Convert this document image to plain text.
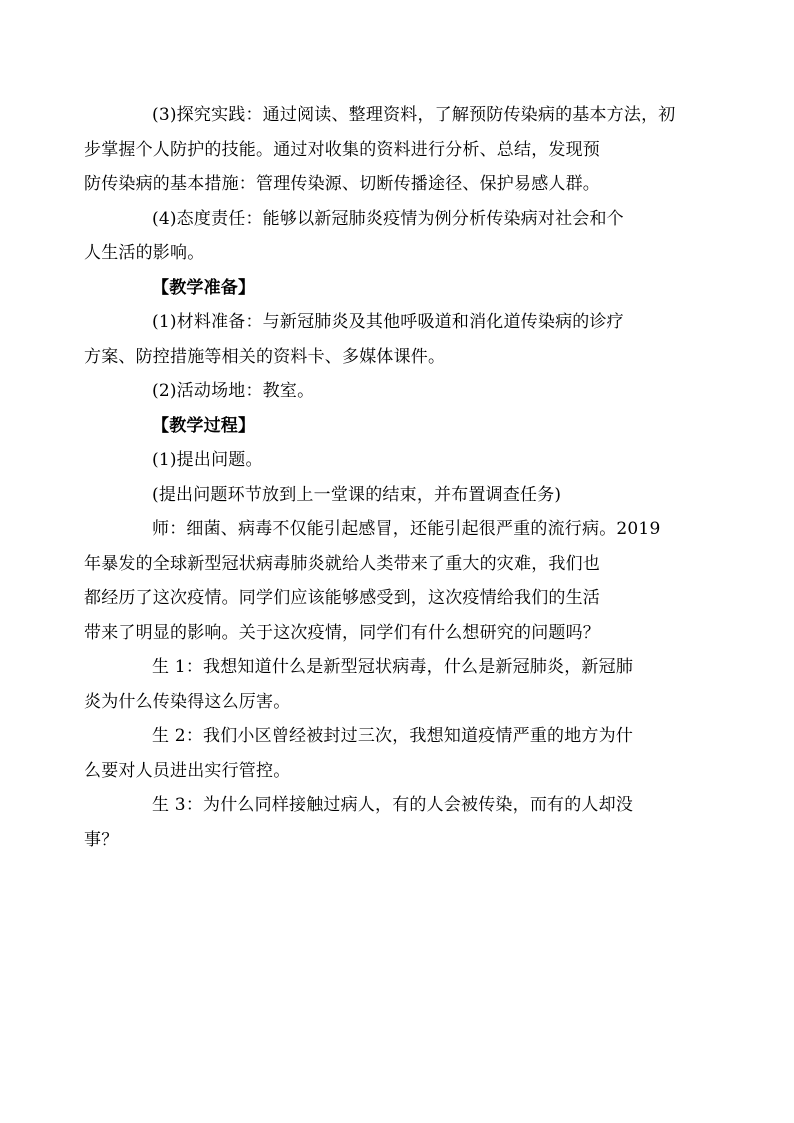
(3)探究实践：通过阅读、整理资料，了解预防传染病的基本方法，初
步掌握个人防护的技能。通过对收集的资料进行分析、总结，发现预
防传染病的基本措施：管理传染源、切断传播途径、保护易感人群。

(4)态度责任：能够以新冠肺炎疫情为例分析传染病对社会和个
人生活的影响。

【教学准备】

(1)材料准备：与新冠肺炎及其他呼吸道和消化道传染病的诊疗
方案、防控措施等相关的资料卡、多媒体课件。

(2)活动场地：教室。

【教学过程】

(1)提出问题。

(提出问题环节放到上一堂课的结束，并布置调查任务)

师：细菌、病毒不仅能引起感冒，还能引起很严重的流行病。2019
年暴发的全球新型冠状病毒肺炎就给人类带来了重大的灾难，我们也
都经历了这次疫情。同学们应该能够感受到，这次疫情给我们的生活
带来了明显的影响。关于这次疫情，同学们有什么想研究的问题吗？

生 1：我想知道什么是新型冠状病毒，什么是新冠肺炎，新冠肺
炎为什么传染得这么厉害。

生 2：我们小区曾经被封过三次，我想知道疫情严重的地方为什
么要对人员进出实行管控。

生 3：为什么同样接触过病人，有的人会被传染，而有的人却没
事？
